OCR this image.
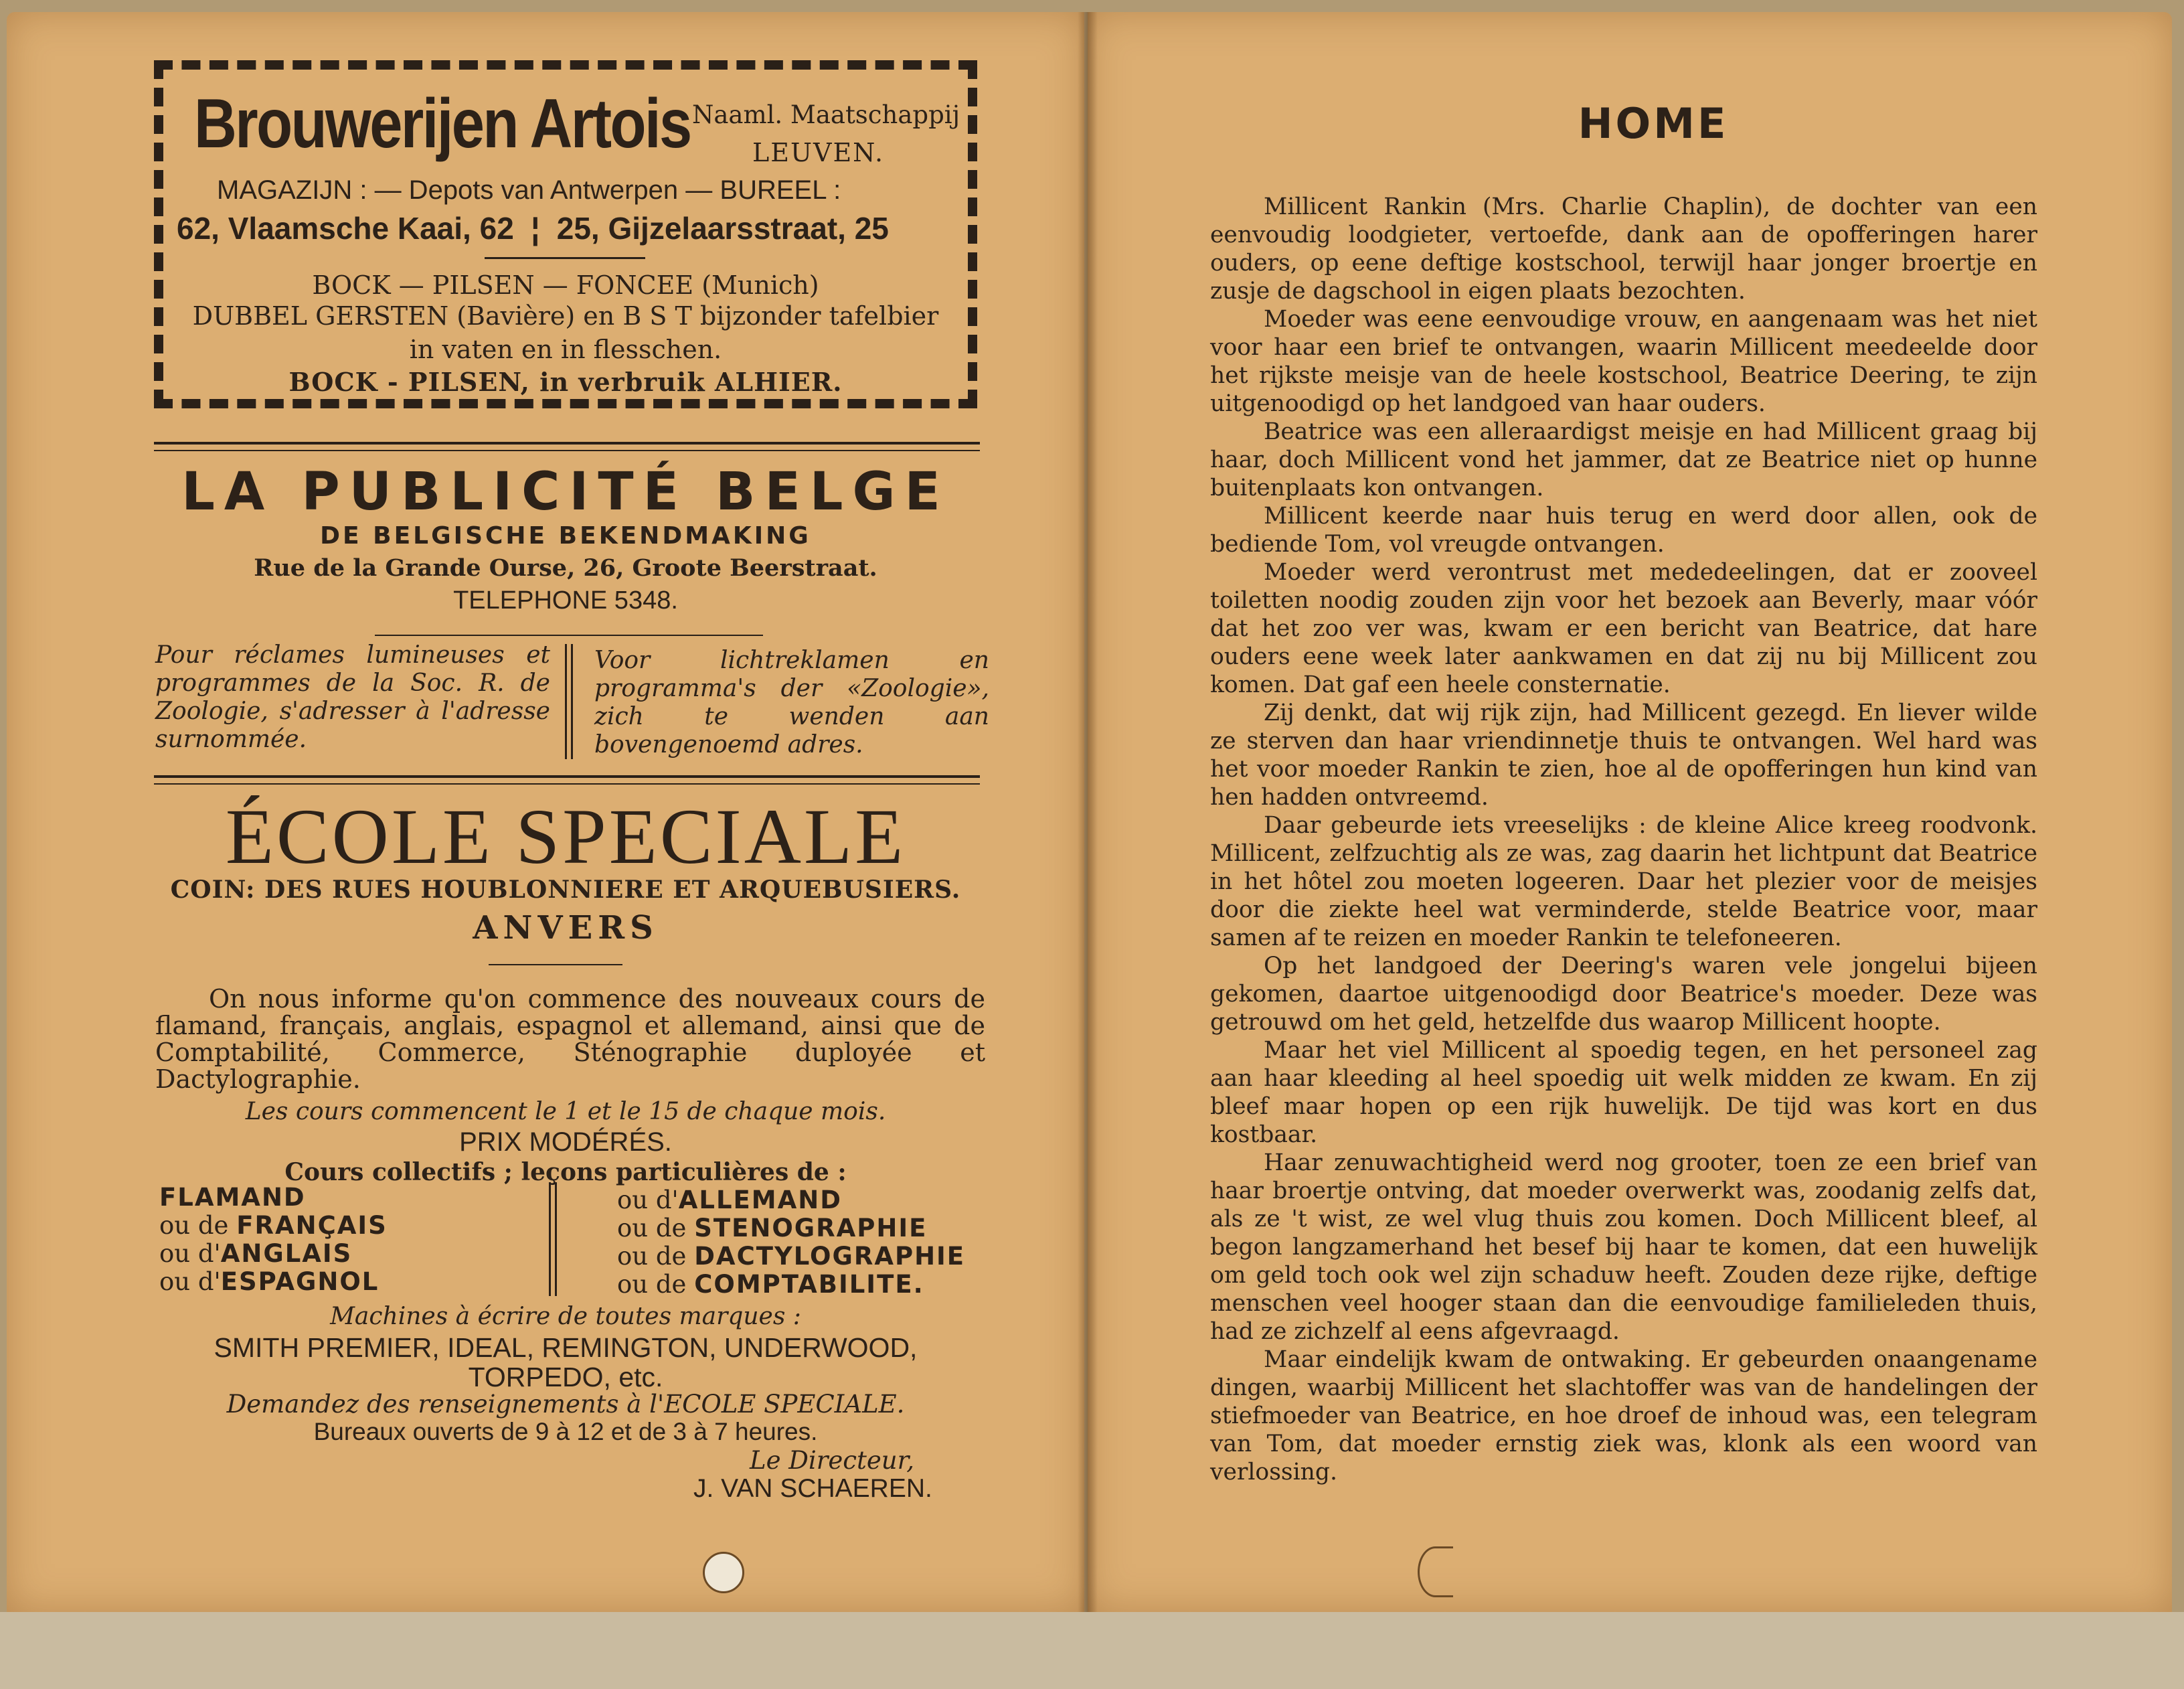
Brouwerijen Artois Naaml. Maatschappij
LEUVEN.
MAGAZIJN : — Depots van Antwerpen — BUREEL :
62, Vlaamsche Kaai, 62  ¦  25, Gijzelaarsstraat, 25
BOCK — PILSEN — FONCEE (Munich)
DUBBEL GERSTEN (Bavière) en B S T bijzonder tafelbier
in vaten en in flesschen.
BOCK - PILSEN, in verbruik ALHIER.
LA PUBLICITÉ BELGE
DE BELGISCHE BEKENDMAKING
Rue de la Grande Ourse, 26, Groote Beerstraat.
TELEPHONE 5348.
Pour réclames lumineuses et programmes de la Soc. R. de Zoologie, s'adresser à l'adresse surnommée.
Voor lichtreklamen en programma's der «Zoologie», zich te wenden aan bovengenoemd adres.
ÉCOLE SPECIALE
COIN: DES RUES HOUBLONNIERE ET ARQUEBUSIERS.
ANVERS
On nous informe qu'on commence des nouveaux cours de flamand, français, anglais, espagnol et allemand, ainsi que de Comptabilité, Commerce, Sténographie duployée et Dactylographie.
Les cours commencent le 1 et le 15 de chaque mois.
PRIX MODÉRÉS.
Cours collectifs ; leçons particulières de :
FLAMAND
ou de FRANÇAIS
ou d'ANGLAIS
ou d'ESPAGNOL
ou d'ALLEMAND
ou de STENOGRAPHIE
ou de DACTYLOGRAPHIE
ou de COMPTABILITE.
Machines à écrire de toutes marques :
SMITH PREMIER, IDEAL, REMINGTON, UNDERWOOD,
TORPEDO, etc.
Demandez des renseignements à l'ECOLE SPECIALE.
Bureaux ouverts de 9 à 12 et de 3 à 7 heures.
Le Directeur,
J. VAN SCHAEREN.
HOME

Millicent Rankin (Mrs. Charlie Chaplin), de dochter van een eenvoudig loodgieter, vertoefde, dank aan de opofferingen harer ouders, op eene deftige kostschool, terwijl haar jonger broertje en zusje de dagschool in eigen plaats bezochten.

Moeder was eene eenvoudige vrouw, en aangenaam was het niet voor haar een brief te ontvangen, waarin Millicent meedeelde door het rijkste meisje van de heele kostschool, Beatrice Deering, te zijn uitgenoodigd op het landgoed van haar ouders.

Beatrice was een alleraardigst meisje en had Millicent graag bij haar, doch Millicent vond het jammer, dat ze Beatrice niet op hunne buitenplaats kon ontvangen.

Millicent keerde naar huis terug en werd door allen, ook de bediende Tom, vol vreugde ontvangen.

Moeder werd verontrust met mededeelingen, dat er zooveel toiletten noodig zouden zijn voor het bezoek aan Beverly, maar vóór dat het zoo ver was, kwam er een bericht van Beatrice, dat hare ouders eene week later aankwamen en dat zij nu bij Millicent zou komen. Dat gaf een heele consternatie.

Zij denkt, dat wij rijk zijn, had Millicent gezegd. En liever wilde ze sterven dan haar vriendinnetje thuis te ontvangen. Wel hard was het voor moeder Rankin te zien, hoe al de opofferingen hun kind van hen hadden ontvreemd.

Daar gebeurde iets vreeselijks : de kleine Alice kreeg roodvonk. Millicent, zelfzuchtig als ze was, zag daarin het lichtpunt dat Beatrice in het hôtel zou moeten logeeren. Daar het plezier voor de meisjes door die ziekte heel wat verminderde, stelde Beatrice voor, maar samen af te reizen en moeder Rankin te telefoneeren.

Op het landgoed der Deering's waren vele jongelui bijeen gekomen, daartoe uitgenoodigd door Beatrice's moeder. Deze was getrouwd om het geld, hetzelfde dus waarop Millicent hoopte.

Maar het viel Millicent al spoedig tegen, en het personeel zag aan haar kleeding al heel spoedig uit welk midden ze kwam. En zij bleef maar hopen op een rijk huwelijk. De tijd was kort en dus kostbaar.

Haar zenuwachtigheid werd nog grooter, toen ze een brief van haar broertje ontving, dat moeder overwerkt was, zoodanig zelfs dat, als ze 't wist, ze wel vlug thuis zou komen. Doch Millicent bleef, al begon langzamerhand het besef bij haar te komen, dat een huwelijk om geld toch ook wel zijn schaduw heeft. Zouden deze rijke, deftige menschen veel hooger staan dan die eenvoudige familieleden thuis, had ze zichzelf al eens afgevraagd.

Maar eindelijk kwam de ontwaking. Er gebeurden onaangename dingen, waarbij Millicent het slachtoffer was van de handelingen der stiefmoeder van Beatrice, en hoe droef de inhoud was, een telegram van Tom, dat moeder ernstig ziek was, klonk als een woord van verlossing.
